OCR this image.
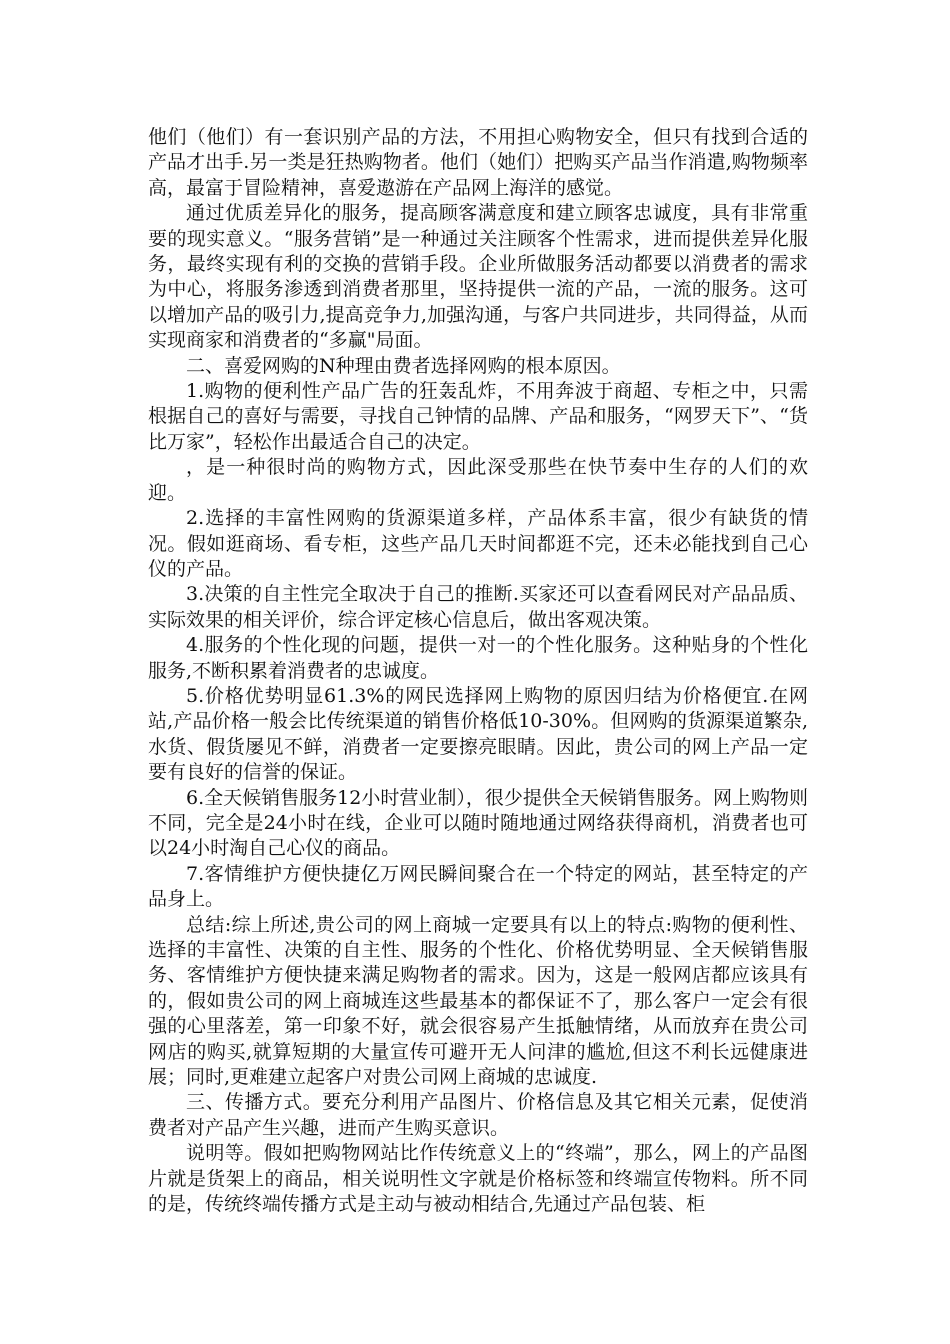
他们（他们）有一套识别产品的方法，不用担心购物安全，但只有找到合适的产品才出手.另一类是狂热购物者。他们（她们）把购买产品当作消遣,购物频率高，最富于冒险精神，喜爱遨游在产品网上海洋的感觉。

通过优质差异化的服务，提高顾客满意度和建立顾客忠诚度，具有非常重要的现实意义。“服务营销”是一种通过关注顾客个性需求，进而提供差异化服务，最终实现有利的交换的营销手段。企业所做服务活动都要以消费者的需求为中心，将服务渗透到消费者那里，坚持提供一流的产品，一流的服务。这可以增加产品的吸引力,提高竞争力,加强沟通，与客户共同进步，共同得益，从而实现商家和消费者的“多赢"局面。

二、喜爱网购的N种理由费者选择网购的根本原因。

1.购物的便利性产品广告的狂轰乱炸，不用奔波于商超、专柜之中，只需根据自己的喜好与需要，寻找自己钟情的品牌、产品和服务，“网罗天下”、“货比万家”，轻松作出最适合自己的决定。

，是一种很时尚的购物方式，因此深受那些在快节奏中生存的人们的欢迎。

2.选择的丰富性网购的货源渠道多样，产品体系丰富，很少有缺货的情况。假如逛商场、看专柜，这些产品几天时间都逛不完，还未必能找到自己心仪的产品。

3.决策的自主性完全取决于自己的推断.买家还可以查看网民对产品品质、实际效果的相关评价，综合评定核心信息后，做出客观决策。

4.服务的个性化现的问题，提供一对一的个性化服务。这种贴身的个性化服务,不断积累着消费者的忠诚度。

5.价格优势明显61.3%的网民选择网上购物的原因归结为价格便宜.在网站,产品价格一般会比传统渠道的销售价格低10-30%。但网购的货源渠道繁杂,水货、假货屡见不鲜，消费者一定要擦亮眼睛。因此，贵公司的网上产品一定要有良好的信誉的保证。

6.全天候销售服务12小时营业制），很少提供全天候销售服务。网上购物则不同，完全是24小时在线，企业可以随时随地通过网络获得商机，消费者也可以24小时淘自己心仪的商品。

7.客情维护方便快捷亿万网民瞬间聚合在一个特定的网站，甚至特定的产品身上。

总结:综上所述,贵公司的网上商城一定要具有以上的特点:购物的便利性、选择的丰富性、决策的自主性、服务的个性化、价格优势明显、全天候销售服务、客情维护方便快捷来满足购物者的需求。因为，这是一般网店都应该具有的，假如贵公司的网上商城连这些最基本的都保证不了，那么客户一定会有很强的心里落差，第一印象不好，就会很容易产生抵触情绪，从而放弃在贵公司网店的购买,就算短期的大量宣传可避开无人问津的尴尬,但这不利长远健康进展；同时,更难建立起客户对贵公司网上商城的忠诚度.

三、传播方式。要充分利用产品图片、价格信息及其它相关元素，促使消费者对产品产生兴趣，进而产生购买意识。

说明等。假如把购物网站比作传统意义上的“终端”，那么，网上的产品图片就是货架上的商品，相关说明性文字就是价格标签和终端宣传物料。所不同的是，传统终端传播方式是主动与被动相结合,先通过产品包装、柜
